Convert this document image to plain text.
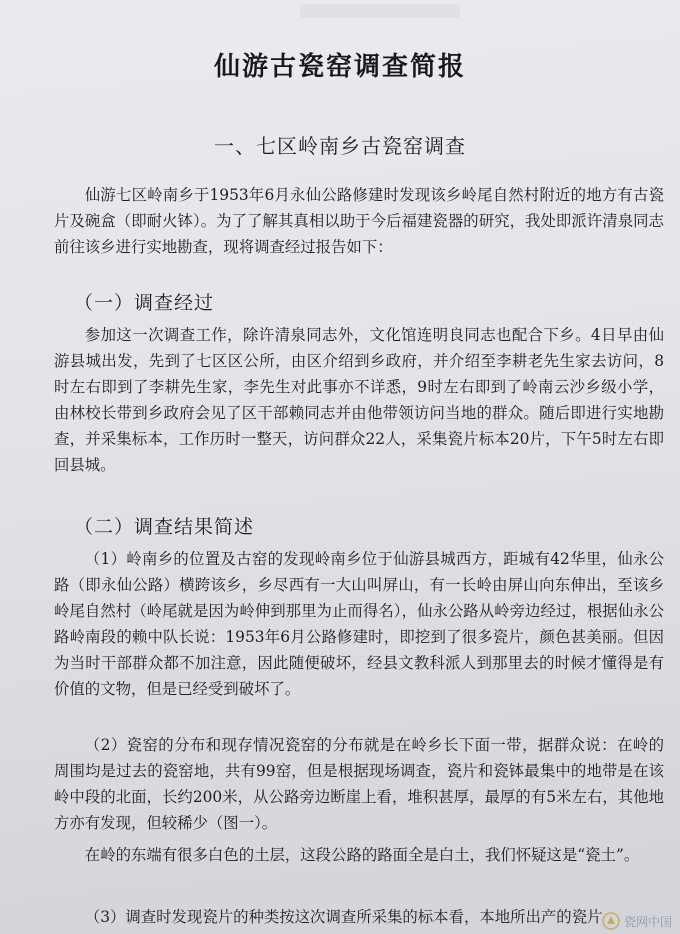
仙游古瓷窑调查简报
一、七区岭南乡古瓷窑调查

仙游七区岭南乡于1953年6月永仙公路修建时发现该乡岭尾自然村附近的地方有古瓷片及碗盒（即耐火钵）。为了了解其真相以助于今后福建瓷器的研究，我处即派许清泉同志前往该乡进行实地勘查，现将调查经过报告如下：

（一）调查经过

参加这一次调查工作，除许清泉同志外，文化馆连明良同志也配合下乡。4日早由仙游县城出发，先到了七区区公所，由区介绍到乡政府，并介绍至李耕老先生家去访问，8时左右即到了李耕先生家，李先生对此事亦不详悉，9时左右即到了岭南云沙乡级小学，由林校长带到乡政府会见了区干部赖同志并由他带领访问当地的群众。随后即进行实地勘查，并采集标本，工作历时一整天，访问群众22人，采集瓷片标本20片，下午5时左右即回县城。

（二）调查结果简述

（1）岭南乡的位置及古窑的发现岭南乡位于仙游县城西方，距城有42华里，仙永公路（即永仙公路）横跨该乡，乡尽西有一大山叫屏山，有一长岭由屏山向东伸出，至该乡岭尾自然村（岭尾就是因为岭伸到那里为止而得名），仙永公路从岭旁边经过，根据仙永公路岭南段的赖中队长说：1953年6月公路修建时，即挖到了很多瓷片，颜色甚美丽。但因为当时干部群众都不加注意，因此随便破坏，经县文教科派人到那里去的时候才懂得是有价值的文物，但是已经受到破坏了。

（2）瓷窑的分布和现存情况瓷窑的分布就是在岭乡长下面一带，据群众说：在岭的周围均是过去的瓷窑地，共有99窑，但是根据现场调查，瓷片和瓷钵最集中的地带是在该岭中段的北面，长约200米，从公路旁边断崖上看，堆积甚厚，最厚的有5米左右，其他地方亦有发现，但较稀少（图一）。

在岭的东端有很多白色的土层，这段公路的路面全是白土，我们怀疑这是“瓷土”。

（3）调查时发现瓷片的种类按这次调查所采集的标本看，本地所出产的瓷片	瓷网中国
